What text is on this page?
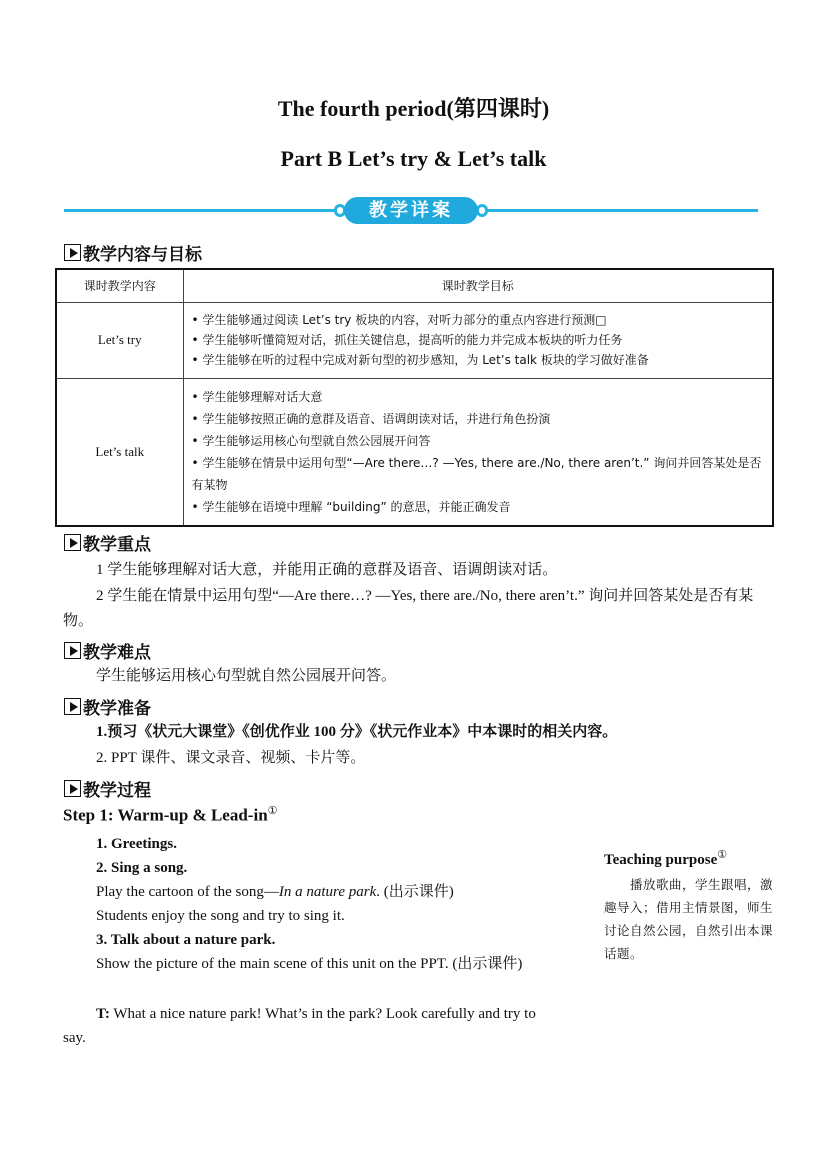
The fourth period(第四课时)
Part B Let’s try & Let’s talk
教学详案
教学内容与目标
课时教学内容	课时教学目标
Let’s try	• 学生能够通过阅读 Let’s try 板块的内容，对听力部分的重点内容进行预测□
• 学生能够听懂简短对话，抓住关键信息，提高听的能力并完成本板块的听力任务
• 学生能够在听的过程中完成对新句型的初步感知，为 Let’s talk 板块的学习做好准备

Let’s talk	• 学生能够理解对话大意
• 学生能够按照正确的意群及语音、语调朗读对话，并进行角色扮演
• 学生能够运用核心句型就自然公园展开问答
• 学生能够在情景中运用句型“—Are there…? —Yes, there are./No, there aren’t.” 询问并回答某处是否有某物
• 学生能够在语境中理解 “building” 的意思，并能正确发音
教学重点
1 学生能够理解对话大意，并能用正确的意群及语音、语调朗读对话。
2 学生能在情景中运用句型“—Are there…? —Yes, there are./No, there aren’t.” 询问并回答某处是否有某物。
教学难点
学生能够运用核心句型就自然公园展开问答。
教学准备
1.预习《状元大课堂》《创优作业 100 分》《状元作业本》中本课时的相关内容。
2. PPT 课件、课文录音、视频、卡片等。
教学过程
Step 1: Warm-up & Lead-in①
1. Greetings.
2. Sing a song.
Play the cartoon of the song—In a nature park. (出示课件)
Students enjoy the song and try to sing it.
3. Talk about a nature park.
Show the picture of the main scene of this unit on the PPT. (出示课件)
T: What a nice nature park! What’s in the park? Look carefully and try to say.
Teaching purpose①
播放歌曲，学生跟唱，激趣导入；借用主情景图，师生讨论自然公园，自然引出本课话题。
